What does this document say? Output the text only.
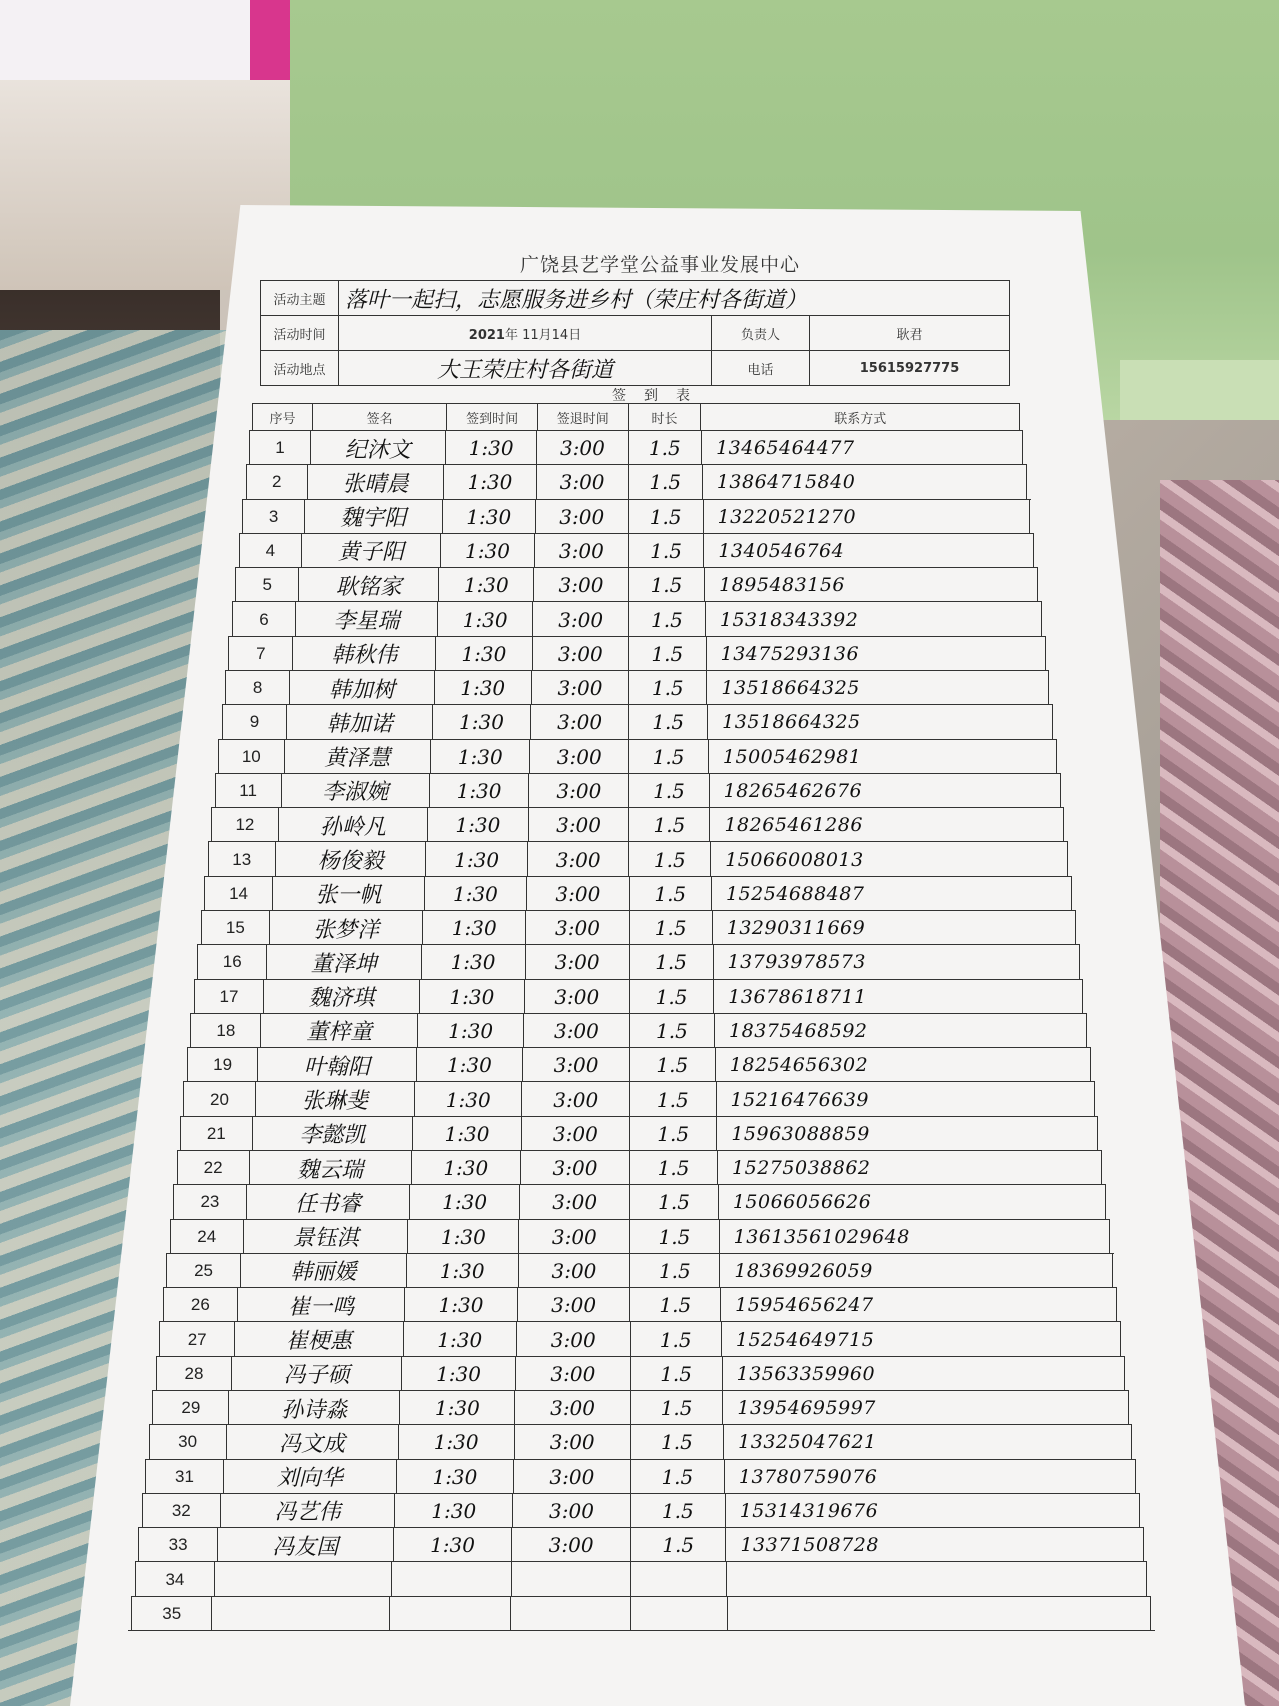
广饶县艺学堂公益事业发展中心
活动主题	落叶一起扫，志愿服务进乡村（荣庄村各街道）		
活动时间	2021年 11月14日	负责人	耿君
活动地点	大王荣庄村各街道	电话	15615927775
签到表
序号	签名	签到时间	签退时间	时长	联系方式
1	纪沐文	1:30	3:00	1.5	13465464477
2	张晴晨	1:30	3:00	1.5	13864715840
3	魏宇阳	1:30	3:00	1.5	13220521270
4	黄子阳	1:30	3:00	1.5	1340546764
5	耿铭家	1:30	3:00	1.5	1895483156
6	李星瑞	1:30	3:00	1.5	15318343392
7	韩秋伟	1:30	3:00	1.5	13475293136
8	韩加树	1:30	3:00	1.5	13518664325
9	韩加诺	1:30	3:00	1.5	13518664325
10	黄泽慧	1:30	3:00	1.5	15005462981
11	李淑婉	1:30	3:00	1.5	18265462676
12	孙岭凡	1:30	3:00	1.5	18265461286
13	杨俊毅	1:30	3:00	1.5	15066008013
14	张一帆	1:30	3:00	1.5	15254688487
15	张梦洋	1:30	3:00	1.5	13290311669
16	董泽坤	1:30	3:00	1.5	13793978573
17	魏济琪	1:30	3:00	1.5	13678618711
18	董梓童	1:30	3:00	1.5	18375468592
19	叶翰阳	1:30	3:00	1.5	18254656302
20	张琳斐	1:30	3:00	1.5	15216476639
21	李懿凯	1:30	3:00	1.5	15963088859
22	魏云瑞	1:30	3:00	1.5	15275038862
23	任书睿	1:30	3:00	1.5	15066056626
24	景钰淇	1:30	3:00	1.5	13613561029648
25	韩丽媛	1:30	3:00	1.5	18369926059
26	崔一鸣	1:30	3:00	1.5	15954656247
27	崔梗惠	1:30	3:00	1.5	15254649715
28	冯子硕	1:30	3:00	1.5	13563359960
29	孙诗淼	1:30	3:00	1.5	13954695997
30	冯文成	1:30	3:00	1.5	13325047621
31	刘向华	1:30	3:00	1.5	13780759076
32	冯艺伟	1:30	3:00	1.5	15314319676
33	冯友国	1:30	3:00	1.5	13371508728
34
35
